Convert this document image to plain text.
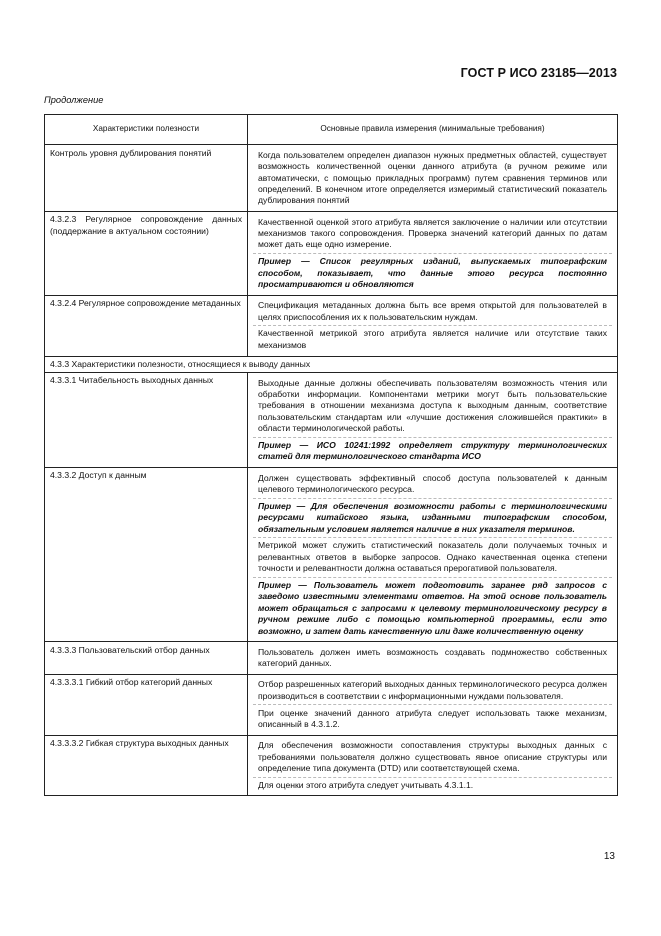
ГОСТ Р ИСО 23185—2013
Продолжение
Характеристики полезности	Основные правила измерения (минимальные требования)
Контроль уровня дублирования понятий	Когда пользователем определен диапазон нужных предметных областей, существует возможность количественной оценки данного атрибута (в ручном режиме или автоматически, с помощью прикладных программ) путем сравнения терминов или определений. В конечном итоге определяется измеримый статистический показатель дублирования понятий

4.3.2.3 Регулярное сопровождение данных (поддержание в актуальном состоянии)	Качественной оценкой этого атрибута является заключение о наличии или отсутствии механизмов такого сопровождения. Проверка значений категорий данных по датам может дать еще одно измерение.
Пример — Список регулярных изданий, выпускаемых типографским способом, показывает, что данные этого ресурса постоянно просматриваются и обновляются

4.3.2.4 Регулярное сопровождение метаданных	Спецификация метаданных должна быть все время открытой для пользователей в целях приспособления их к пользовательским нуждам.
Качественной метрикой этого атрибута является наличие или отсутствие таких механизмов

4.3.3 Характеристики полезности, относящиеся к выводу данных	
4.3.3.1 Читабельность выходных данных	Выходные данные должны обеспечивать пользователям возможность чтения или обработки информации. Компонентами метрики могут быть пользовательские требования в отношении механизма доступа к выходным данным, соответствие пользовательским стандартам или «лучшие достижения сложившейся практики» в области терминологической работы.
Пример — ИСО 10241:1992 определяет структуру терминологических статей для терминологического стандарта ИСО

4.3.3.2 Доступ к данным	Должен существовать эффективный способ доступа пользователей к данным целевого терминологического ресурса.
Пример — Для обеспечения возможности работы с терминологическими ресурсами китайского языка, изданными типографским способом, обязательным условием является наличие в них указателя терминов.
Метрикой может служить статистический показатель доли получаемых точных и релевантных ответов в выборке запросов. Однако качественная оценка степени точности и релевантности должна оставаться прерогативой пользователя.
Пример — Пользователь может подготовить заранее ряд запросов с заведомо известными элементами ответов. На этой основе пользователь может обращаться с запросами к целевому терминологическому ресурсу в ручном режиме либо с помощью компьютерной программы, если это возможно, и затем дать качественную или даже количественную оценку

4.3.3.3 Пользовательский отбор данных	Пользователь должен иметь возможность создавать подмножество собственных категорий данных.

4.3.3.3.1 Гибкий отбор категорий данных	Отбор разрешенных категорий выходных данных терминологического ресурса должен производиться в соответствии с информационными нуждами пользователя.
При оценке значений данного атрибута следует использовать также механизм, описанный в 4.3.1.2.

4.3.3.3.2 Гибкая структура выходных данных	Для обеспечения возможности сопоставления структуры выходных данных с требованиями пользователя должно существовать явное описание структуры или определение типа документа (DTD) или соответствующей схема.
Для оценки этого атрибута следует учитывать 4.3.1.1.
13
